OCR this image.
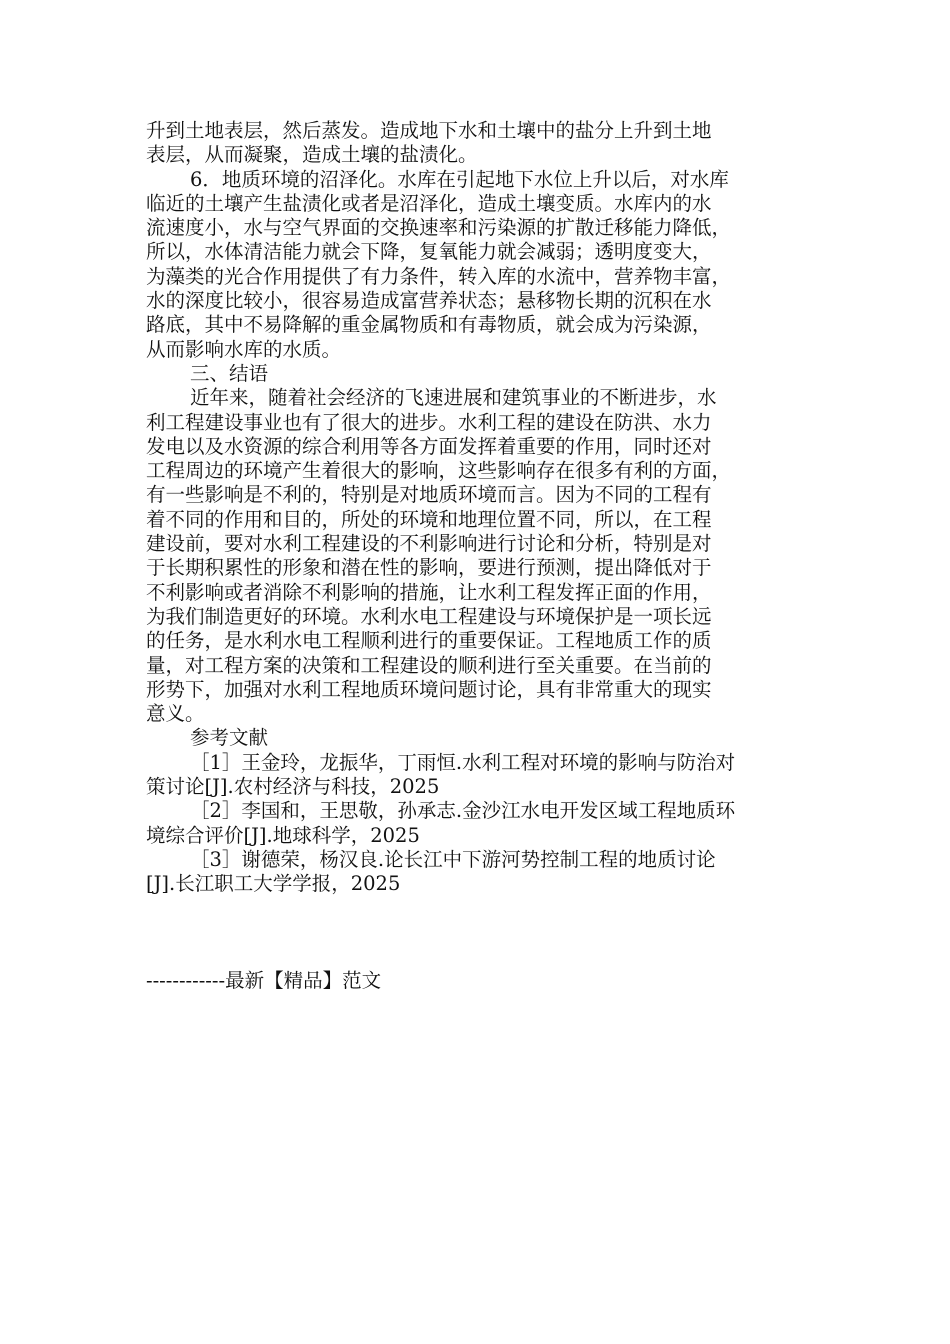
升到土地表层，然后蒸发。造成地下水和土壤中的盐分上升到土地
表层，从而凝聚，造成土壤的盐渍化。
6．地质环境的沼泽化。水库在引起地下水位上升以后，对水库
临近的土壤产生盐渍化或者是沼泽化，造成土壤变质。水库内的水
流速度小，水与空气界面的交换速率和污染源的扩散迁移能力降低，
所以，水体清洁能力就会下降，复氧能力就会减弱；透明度变大，
为藻类的光合作用提供了有力条件，转入库的水流中，营养物丰富，
水的深度比较小，很容易造成富营养状态；悬移物长期的沉积在水
路底，其中不易降解的重金属物质和有毒物质，就会成为污染源，
从而影响水库的水质。
三、结语
近年来，随着社会经济的飞速进展和建筑事业的不断进步，水
利工程建设事业也有了很大的进步。水利工程的建设在防洪、水力
发电以及水资源的综合利用等各方面发挥着重要的作用，同时还对
工程周边的环境产生着很大的影响，这些影响存在很多有利的方面，
有一些影响是不利的，特别是对地质环境而言。因为不同的工程有
着不同的作用和目的，所处的环境和地理位置不同，所以，在工程
建设前，要对水利工程建设的不利影响进行讨论和分析，特别是对
于长期积累性的形象和潜在性的影响，要进行预测，提出降低对于
不利影响或者消除不利影响的措施，让水利工程发挥正面的作用，
为我们制造更好的环境。水利水电工程建设与环境保护是一项长远
的任务，是水利水电工程顺利进行的重要保证。工程地质工作的质
量，对工程方案的决策和工程建设的顺利进行至关重要。在当前的
形势下，加强对水利工程地质环境问题讨论，具有非常重大的现实
意义。
参考文献
［1］王金玲，龙振华，丁雨恒.水利工程对环境的影响与防治对
策讨论[J].农村经济与科技，2025
［2］李国和，王思敬，孙承志.金沙江水电开发区域工程地质环
境综合评价[J].地球科学，2025
［3］谢德荣，杨汉良.论长江中下游河势控制工程的地质讨论
[J].长江职工大学学报，2025
------------最新【精品】范文
